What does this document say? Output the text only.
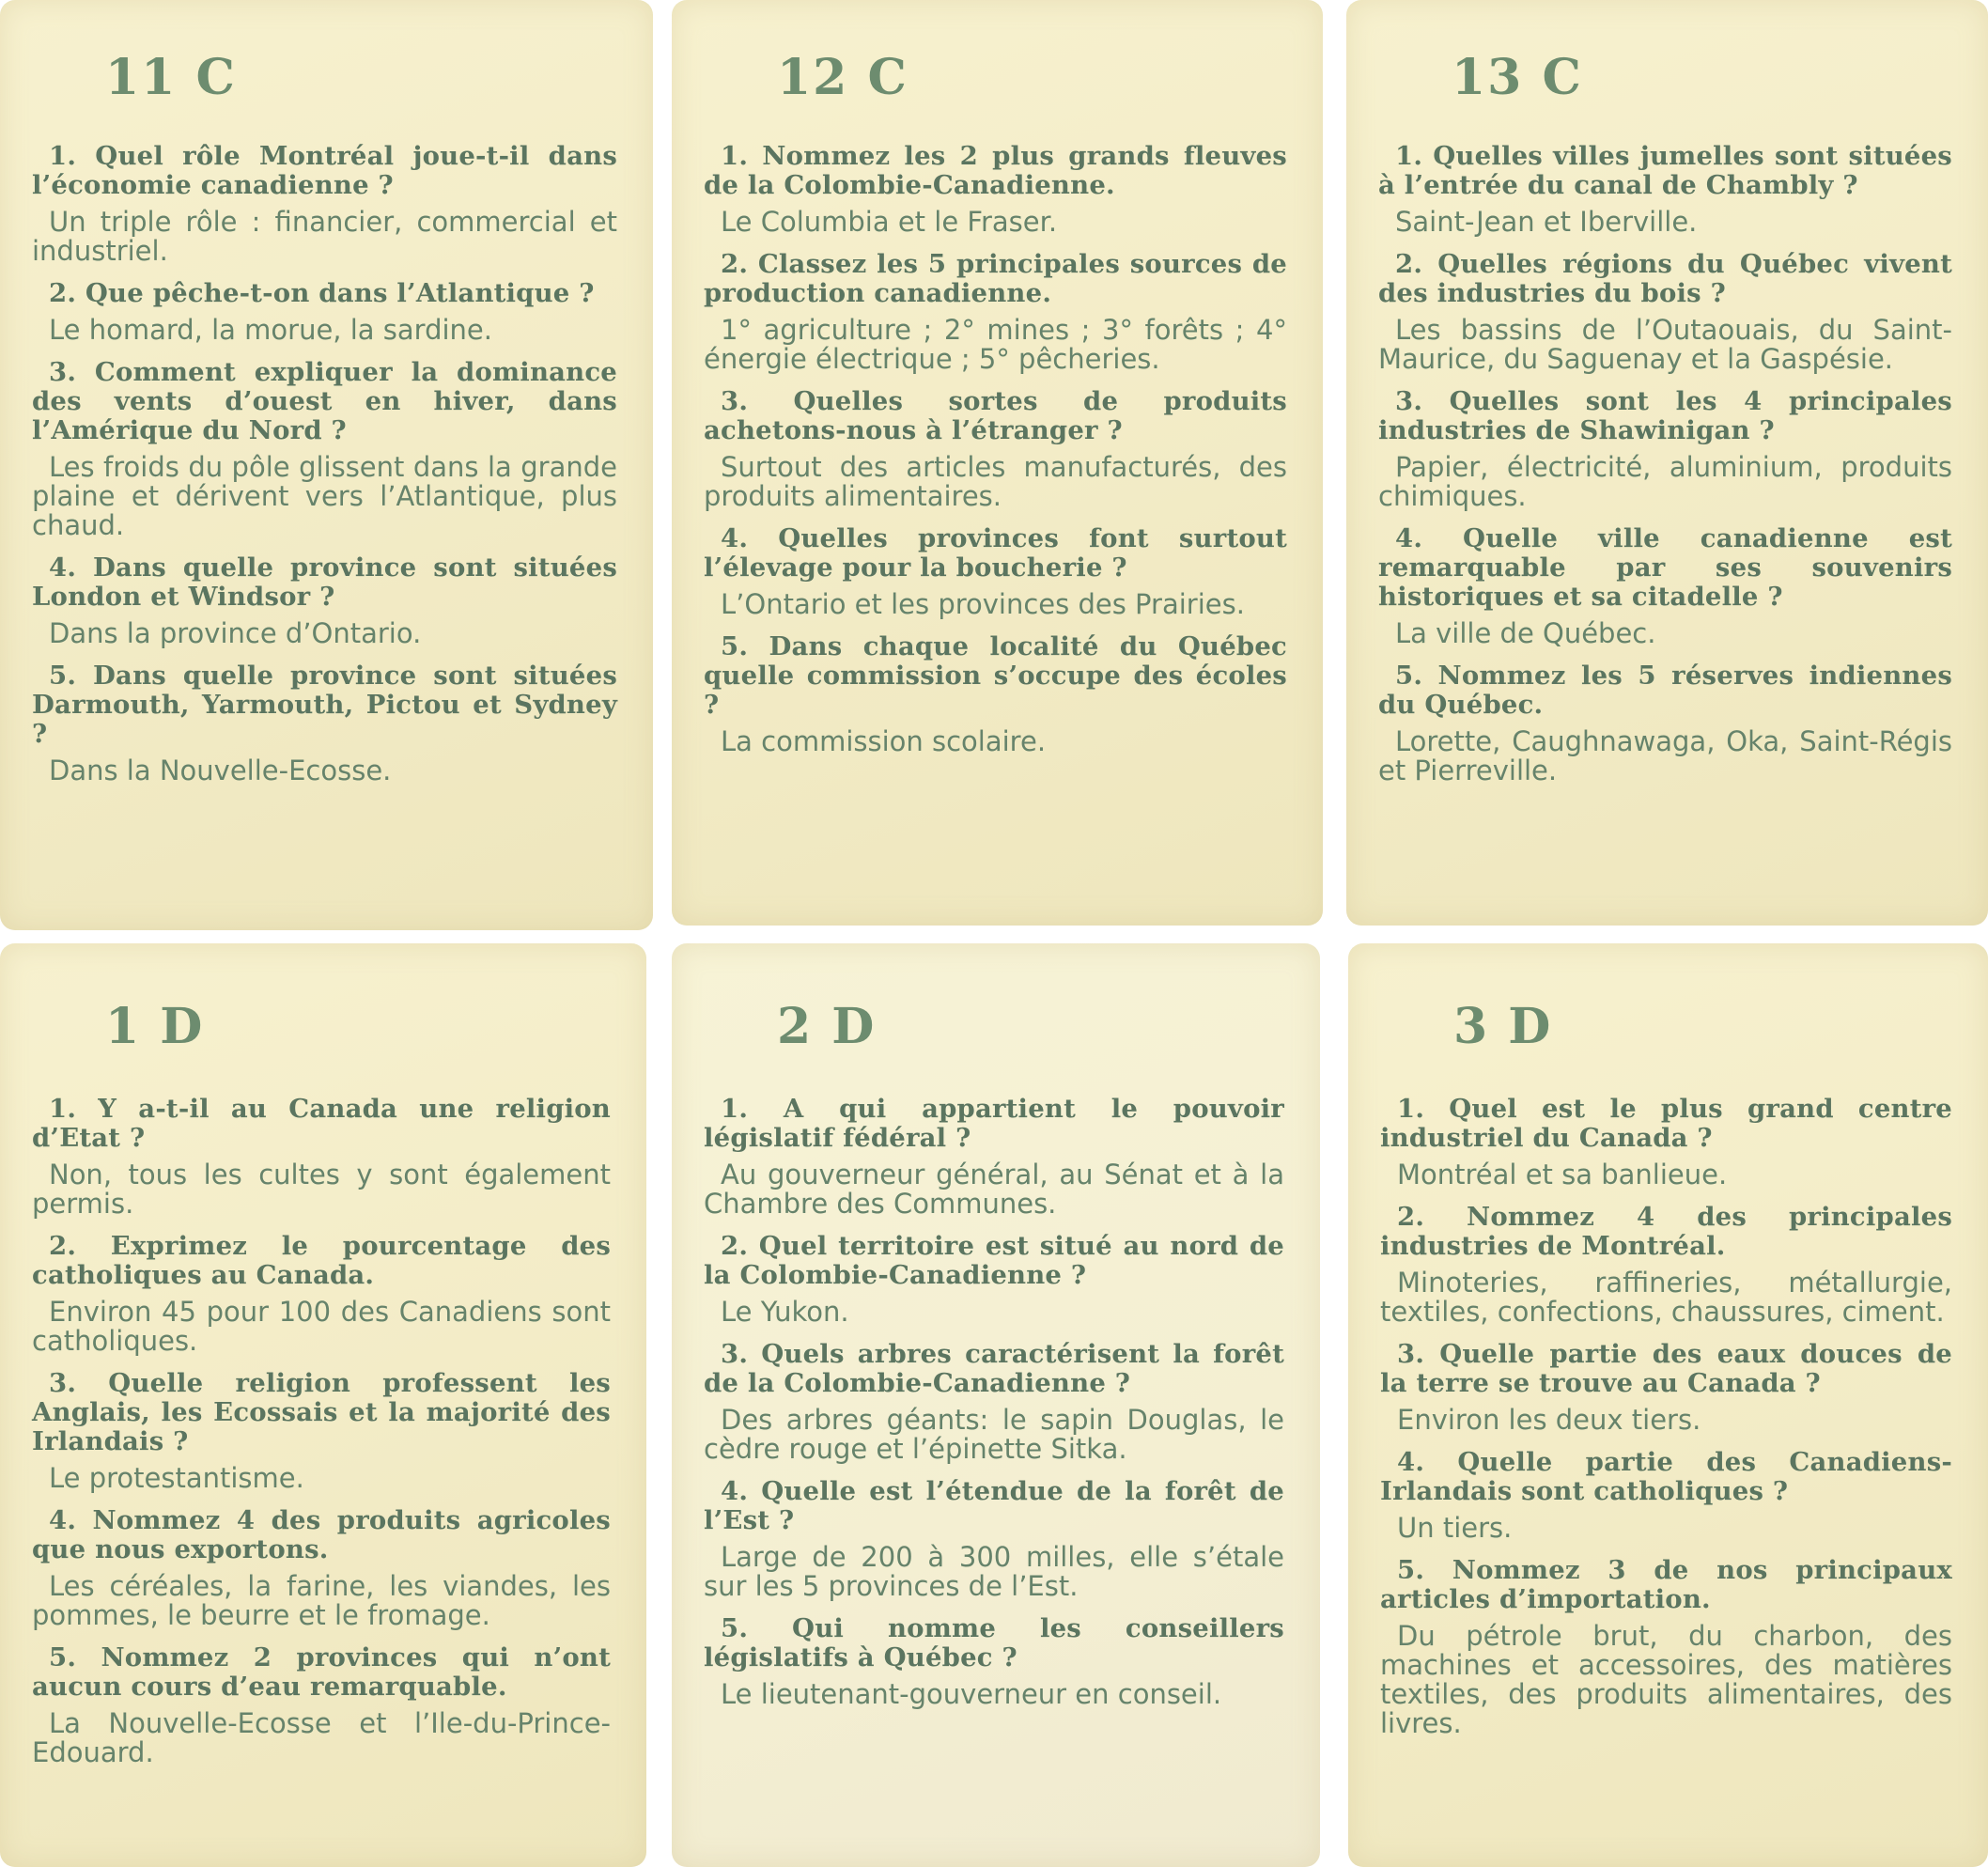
11 C

1. Quel rôle Montréal joue-t-il dans l’économie canadienne ?

Un triple rôle : financier, commercial et industriel.

2. Que pêche-t-on dans l’Atlantique ?

Le homard, la morue, la sardine.

3. Comment expliquer la dominance des vents d’ouest en hiver, dans l’Amérique du Nord ?

Les froids du pôle glissent dans la grande plaine et dérivent vers l’Atlantique, plus chaud.

4. Dans quelle province sont situées London et Windsor ?

Dans la province d’Ontario.

5. Dans quelle province sont situées Darmouth, Yarmouth, Pictou et Sydney ?

Dans la Nouvelle-Ecosse.

12 C

1. Nommez les 2 plus grands fleuves de la Colombie-Canadienne.

Le Columbia et le Fraser.

2. Classez les 5 principales sources de production canadienne.

1° agriculture ; 2° mines ; 3° forêts ; 4° énergie électrique ; 5° pêcheries.

3. Quelles sortes de produits achetons-nous à l’étranger ?

Surtout des articles manufacturés, des produits alimentaires.

4. Quelles provinces font surtout l’élevage pour la boucherie ?

L’Ontario et les provinces des Prairies.

5. Dans chaque localité du Québec quelle commission s’occupe des écoles ?

La commission scolaire.

13 C

1. Quelles villes jumelles sont situées à l’entrée du canal de Chambly ?

Saint-Jean et Iberville.

2. Quelles régions du Québec vivent des industries du bois ?

Les bassins de l’Outaouais, du Saint-Maurice, du Saguenay et la Gaspésie.

3. Quelles sont les 4 principales industries de Shawinigan ?

Papier, électricité, aluminium, produits chimiques.

4. Quelle ville canadienne est remarquable par ses souvenirs historiques et sa citadelle ?

La ville de Québec.

5. Nommez les 5 réserves indiennes du Québec.

Lorette, Caughnawaga, Oka, Saint-Régis et Pierreville.

1 D

1. Y a-t-il au Canada une religion d’Etat ?

Non, tous les cultes y sont également permis.

2. Exprimez le pourcentage des catholiques au Canada.

Environ 45 pour 100 des Canadiens sont catholiques.

3. Quelle religion professent les Anglais, les Ecossais et la majorité des Irlandais ?

Le protestantisme.

4. Nommez 4 des produits agricoles que nous exportons.

Les céréales, la farine, les viandes, les pommes, le beurre et le fromage.

5. Nommez 2 provinces qui n’ont aucun cours d’eau remarquable.

La Nouvelle-Ecosse et l’Ile-du-Prince-Edouard.

2 D

1. A qui appartient le pouvoir législatif fédéral ?

Au gouverneur général, au Sénat et à la Chambre des Communes.

2. Quel territoire est situé au nord de la Colombie-Canadienne ?

Le Yukon.

3. Quels arbres caractérisent la forêt de la Colombie-Canadienne ?

Des arbres géants: le sapin Douglas, le cèdre rouge et l’épinette Sitka.

4. Quelle est l’étendue de la forêt de l’Est ?

Large de 200 à 300 milles, elle s’étale sur les 5 provinces de l’Est.

5. Qui nomme les conseillers législatifs à Québec ?

Le lieutenant-gouverneur en conseil.

3 D

1. Quel est le plus grand centre industriel du Canada ?

Montréal et sa banlieue.

2. Nommez 4 des principales industries de Montréal.

Minoteries, raffineries, métallurgie, textiles, confections, chaussures, ciment.

3. Quelle partie des eaux douces de la terre se trouve au Canada ?

Environ les deux tiers.

4. Quelle partie des Canadiens-Irlandais sont catholiques ?

Un tiers.

5. Nommez 3 de nos principaux articles d’importation.

Du pétrole brut, du charbon, des machines et accessoires, des matières textiles, des produits alimentaires, des livres.
